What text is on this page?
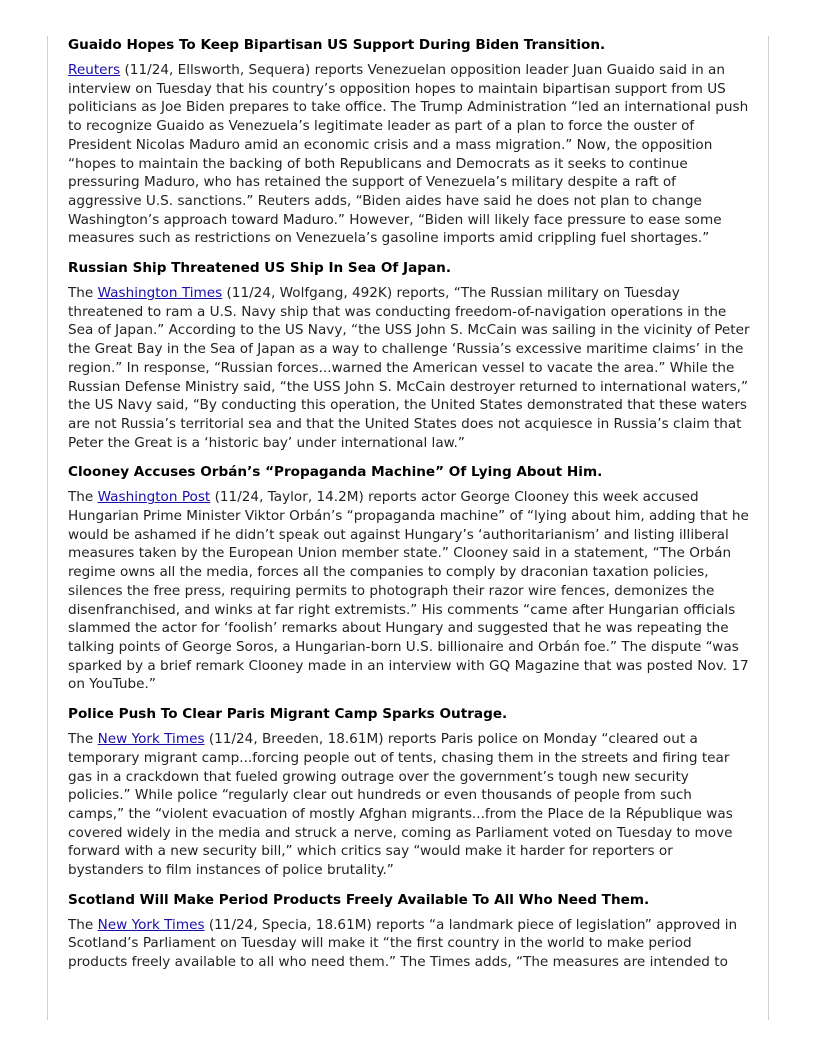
Guaido Hopes To Keep Bipartisan US Support During Biden Transition.

Reuters (11/24, Ellsworth, Sequera) reports Venezuelan opposition leader Juan Guaido said in an interview on Tuesday that his country’s opposition hopes to maintain bipartisan support from US politicians as Joe Biden prepares to take office. The Trump Administration “led an international push to recognize Guaido as Venezuela’s legitimate leader as part of a plan to force the ouster of President Nicolas Maduro amid an economic crisis and a mass migration.” Now, the opposition “hopes to maintain the backing of both Republicans and Democrats as it seeks to continue pressuring Maduro, who has retained the support of Venezuela’s military despite a raft of aggressive U.S. sanctions.” Reuters adds, “Biden aides have said he does not plan to change Washington’s approach toward Maduro.” However, “Biden will likely face pressure to ease some measures such as restrictions on Venezuela’s gasoline imports amid crippling fuel shortages.”

Russian Ship Threatened US Ship In Sea Of Japan.

The Washington Times (11/24, Wolfgang, 492K) reports, “The Russian military on Tuesday threatened to ram a U.S. Navy ship that was conducting freedom-of-navigation operations in the Sea of Japan.” According to the US Navy, “the USS John S. McCain was sailing in the vicinity of Peter the Great Bay in the Sea of Japan as a way to challenge ‘Russia’s excessive maritime claims’ in the region.” In response, “Russian forces...warned the American vessel to vacate the area.” While the Russian Defense Ministry said, “the USS John S. McCain destroyer returned to international waters,” the US Navy said, “By conducting this operation, the United States demonstrated that these waters are not Russia’s territorial sea and that the United States does not acquiesce in Russia’s claim that Peter the Great is a ‘historic bay’ under international law.”

Clooney Accuses Orbán’s “Propaganda Machine” Of Lying About Him.

The Washington Post (11/24, Taylor, 14.2M) reports actor George Clooney this week accused Hungarian Prime Minister Viktor Orbán’s “propaganda machine” of “lying about him, adding that he would be ashamed if he didn’t speak out against Hungary’s ‘authoritarianism’ and listing illiberal measures taken by the European Union member state.” Clooney said in a statement, “The Orbán regime owns all the media, forces all the companies to comply by draconian taxation policies, silences the free press, requiring permits to photograph their razor wire fences, demonizes the disenfranchised, and winks at far right extremists.” His comments “came after Hungarian officials slammed the actor for ‘foolish’ remarks about Hungary and suggested that he was repeating the talking points of George Soros, a Hungarian-born U.S. billionaire and Orbán foe.” The dispute “was sparked by a brief remark Clooney made in an interview with GQ Magazine that was posted Nov. 17 on YouTube.”

Police Push To Clear Paris Migrant Camp Sparks Outrage.

The New York Times (11/24, Breeden, 18.61M) reports Paris police on Monday “cleared out a temporary migrant camp...forcing people out of tents, chasing them in the streets and firing tear gas in a crackdown that fueled growing outrage over the government’s tough new security policies.” While police “regularly clear out hundreds or even thousands of people from such camps,” the “violent evacuation of mostly Afghan migrants...from the Place de la République was covered widely in the media and struck a nerve, coming as Parliament voted on Tuesday to move forward with a new security bill,” which critics say “would make it harder for reporters or bystanders to film instances of police brutality.”

Scotland Will Make Period Products Freely Available To All Who Need Them.

The New York Times (11/24, Specia, 18.61M) reports “a landmark piece of legislation” approved in Scotland’s Parliament on Tuesday will make it “the first country in the world to make period products freely available to all who need them.” The Times adds, “The measures are intended to
